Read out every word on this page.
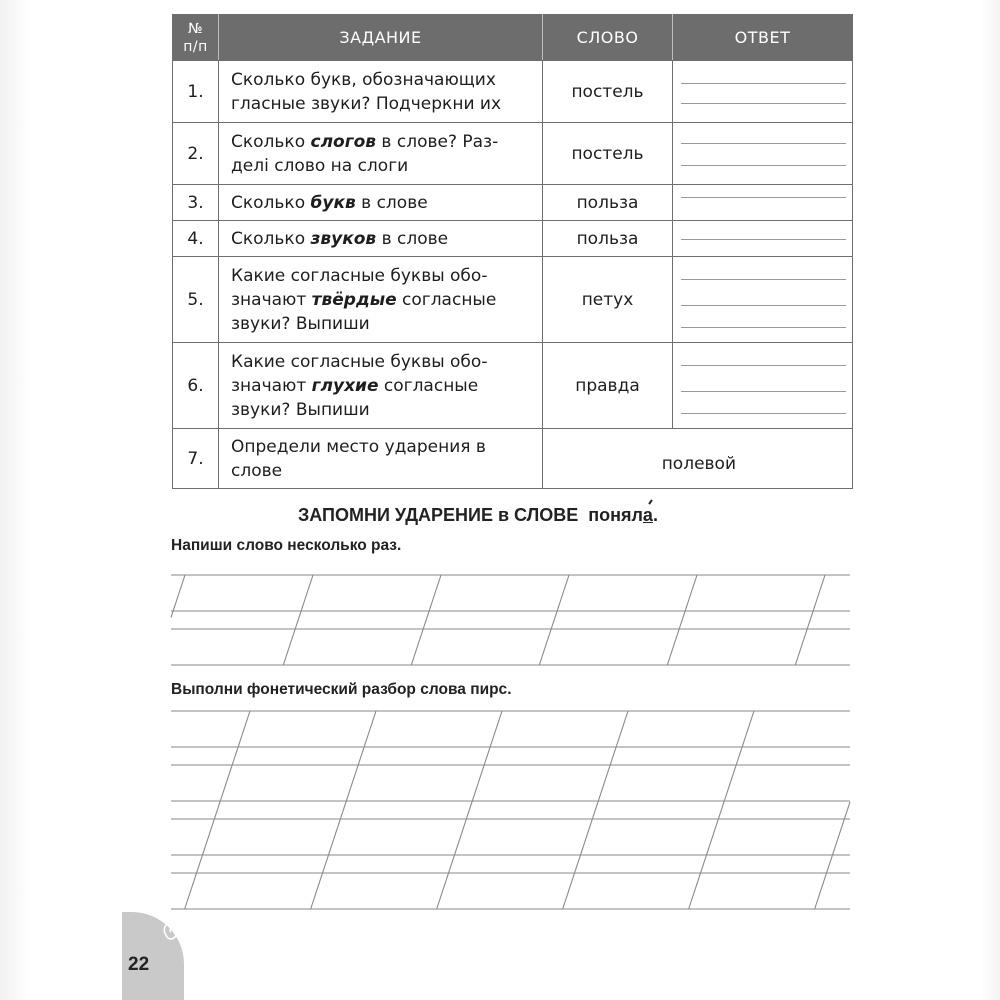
№
п/п	ЗАДАНИЕ	СЛОВО	ОТВЕТ
1.	Сколько букв, обозначающих гласные звуки? Подчеркни их	постель	

2.	Сколько слогов в слове? Раз-делі слово на слоги	постель	

3.	Сколько букв в слове	польза	

4.	Сколько звуков в слове	польза	

5.	Какие согласные буквы обо-значают твёрдые согласные звуки? Выпиши	петух	

6.	Какие согласные буквы обо-значают глухие согласные звуки? Выпиши	правда	

7.	Определи место ударения в слове	полевой	
ЗАПОМНИ УДАРЕНИЕ в СЛОВЕ поняла.
Напиши слово несколько раз.
Выполни фонетический разбор слова пирс.
22
